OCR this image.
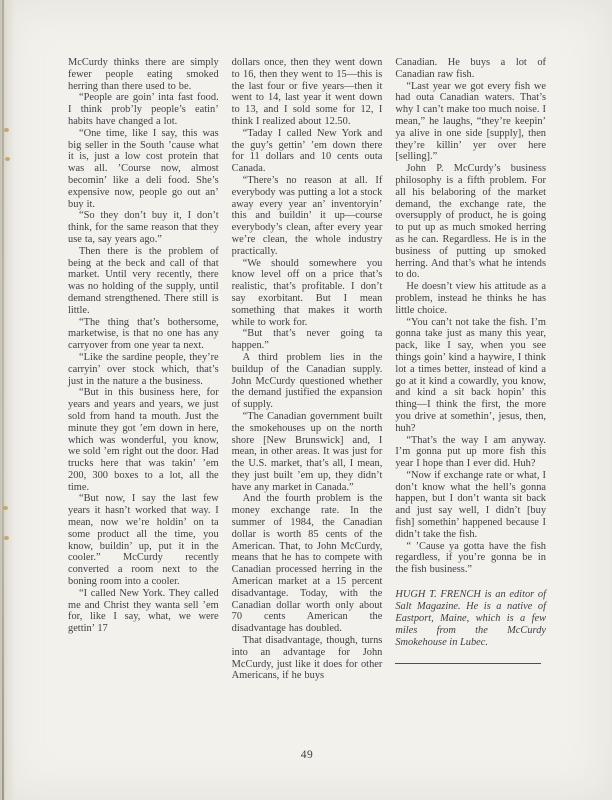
McCurdy thinks there are simply fewer people eating smoked herring than there used to be.

“People are goin’ inta fast food. I think prob’ly people’s eatin’ habits have changed a lot.

“One time, like I say, this was big seller in the South ’cause what it is, just a low cost protein that was all. ’Course now, almost becomin’ like a deli food. She’s expensive now, people go out an’ buy it.

“So they don’t buy it, I don’t think, for the same reason that they use ta, say years ago.”

Then there is the problem of being at the beck and call of that market. Until very recently, there was no holding of the supply, until demand strengthened. There still is little.

“The thing that’s bothersome, marketwise, is that no one has any carryover from one year ta next.

“Like the sardine people, they’re carryin’ over stock which, that’s just in the nature a the business.

“But in this business here, for years and years and years, we just sold from hand ta mouth. Just the minute they got ’em down in here, which was wonderful, you know, we sold ’em right out the door. Had trucks here that was takin’ ’em 200, 300 boxes to a lot, all the time.

“But now, I say the last few years it hasn’t worked that way. I mean, now we’re holdin’ on ta some product all the time, you know, buildin’ up, put it in the cooler.” McCurdy recently converted a room next to the boning room into a cooler.

“I called New York. They called me and Christ they wanta sell ’em for, like I say, what, we were gettin’ 17

dollars once, then they went down to 16, then they went to 15—this is the last four or five years—then it went to 14, last year it went down to 13, and I sold some for 12, I think I realized about 12.50.

“Taday I called New York and the guy’s gettin’ ’em down there for 11 dollars and 10 cents outa Canada.

“There’s no reason at all. If everybody was putting a lot a stock away every year an’ inventoryin’ this and buildin’ it up—course everybody’s clean, after every year we’re clean, the whole industry practically.

“We should somewhere you know level off on a price that’s realistic, that’s profitable. I don’t say exorbitant. But I mean something that makes it worth while to work for.

“But that’s never going ta happen.”

A third problem lies in the buildup of the Canadian supply. John McCurdy questioned whether the demand justified the expansion of supply.

“The Canadian government built the smokehouses up on the north shore [New Brunswick] and, I mean, in other areas. It was just for the U.S. market, that’s all, I mean, they just built ’em up, they didn’t have any market in Canada.”

And the fourth problem is the money exchange rate. In the summer of 1984, the Canadian dollar is worth 85 cents of the American. That, to John McCurdy, means that he has to compete with Canadian processed herring in the American market at a 15 percent disadvantage. Today, with the Canadian dollar worth only about 70 cents American the disadvantage has doubled.

That disadvantage, though, turns into an advantage for John McCurdy, just like it does for other Americans, if he buys

Canadian. He buys a lot of Canadian raw fish.

“Last year we got every fish we had outa Canadian waters. That’s why I can’t make too much noise. I mean,” he laughs, “they’re keepin’ ya alive in one side [supply], then they’re killin’ yer over here [selling].”

John P. McCurdy’s business philosophy is a fifth problem. For all his belaboring of the market demand, the exchange rate, the oversupply of product, he is going to put up as much smoked herring as he can. Regardless. He is in the business of putting up smoked herring. And that’s what he intends to do.

He doesn’t view his attitude as a problem, instead he thinks he has little choice.

“You can’t not take the fish. I’m gonna take just as many this year, pack, like I say, when you see things goin’ kind a haywire, I think lot a times better, instead of kind a go at it kind a cowardly, you know, and kind a sit back hopin’ this thing—I think the first, the more you drive at somethin’, jesus, then, huh?

“That’s the way I am anyway. I’m gonna put up more fish this year I hope than I ever did. Huh?

“Now if exchange rate or what, I don’t know what the hell’s gonna happen, but I don’t wanta sit back and just say well, I didn’t [buy fish] somethin’ happened because I didn’t take the fish.

“ ’Cause ya gotta have the fish regardless, if you’re gonna be in the fish business.”

HUGH T. FRENCH is an editor of Salt Magazine. He is a native of Eastport, Maine, which is a few miles from the McCurdy Smokehouse in Lubec.

49
